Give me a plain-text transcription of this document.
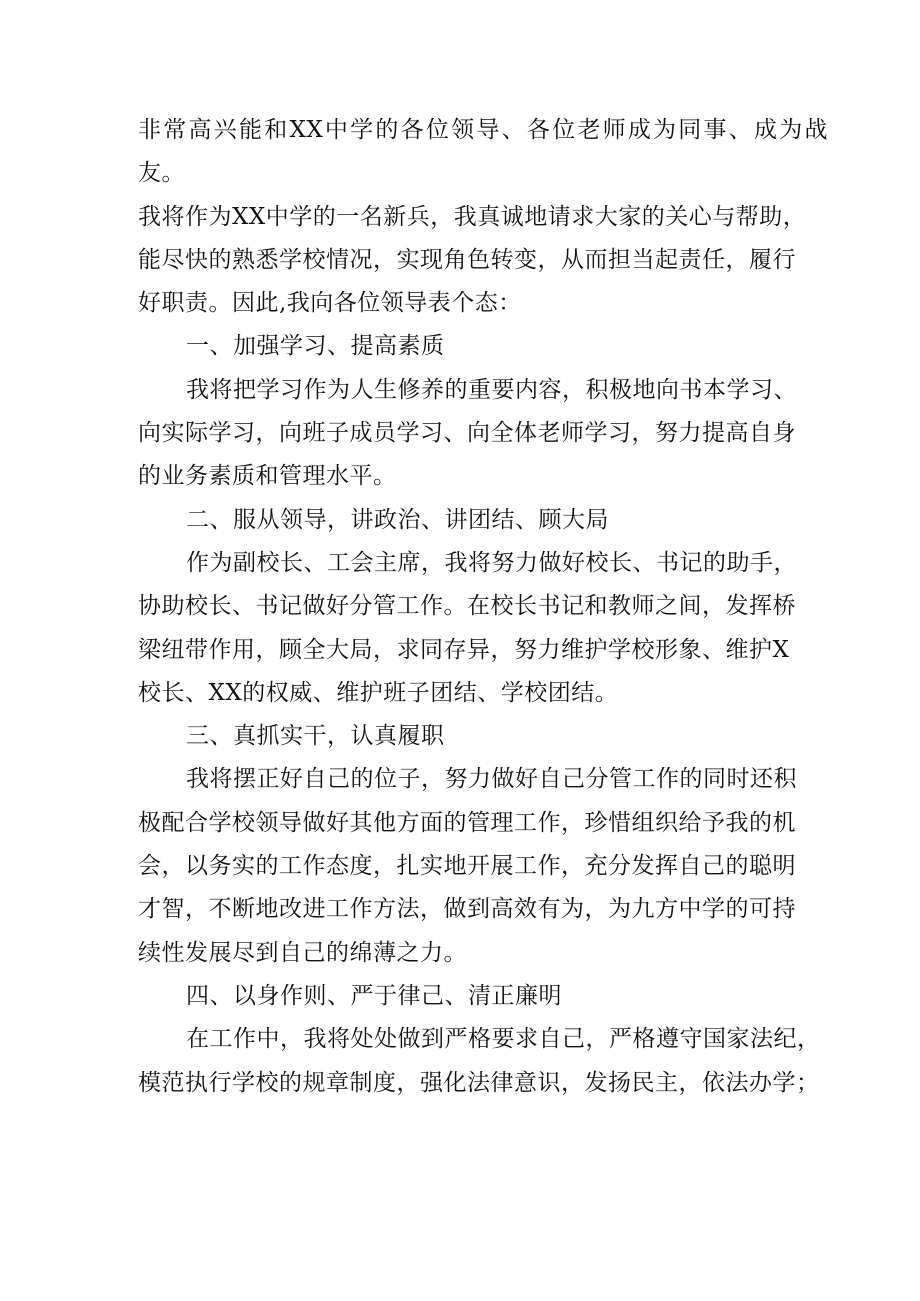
非常高兴能和XX中学的各位领导、各位老师成为同事、成为战友。
我将作为XX中学的一名新兵，我真诚地请求大家的关心与帮助，
能尽快的熟悉学校情况，实现角色转变，从而担当起责任，履行
好职责。因此,我向各位领导表个态：
一、加强学习、提高素质
我将把学习作为人生修养的重要内容，积极地向书本学习、
向实际学习，向班子成员学习、向全体老师学习，努力提高自身
的业务素质和管理水平。
二、服从领导，讲政治、讲团结、顾大局
作为副校长、工会主席，我将努力做好校长、书记的助手，
协助校长、书记做好分管工作。在校长书记和教师之间，发挥桥
梁纽带作用，顾全大局，求同存异，努力维护学校形象、维护X
校长、XX的权威、维护班子团结、学校团结。
三、真抓实干，认真履职
我将摆正好自己的位子，努力做好自己分管工作的同时还积
极配合学校领导做好其他方面的管理工作，珍惜组织给予我的机
会，以务实的工作态度，扎实地开展工作，充分发挥自己的聪明
才智，不断地改进工作方法，做到高效有为，为九方中学的可持
续性发展尽到自己的绵薄之力。
四、以身作则、严于律己、清正廉明
在工作中，我将处处做到严格要求自己，严格遵守国家法纪，
模范执行学校的规章制度，强化法律意识，发扬民主，依法办学；
